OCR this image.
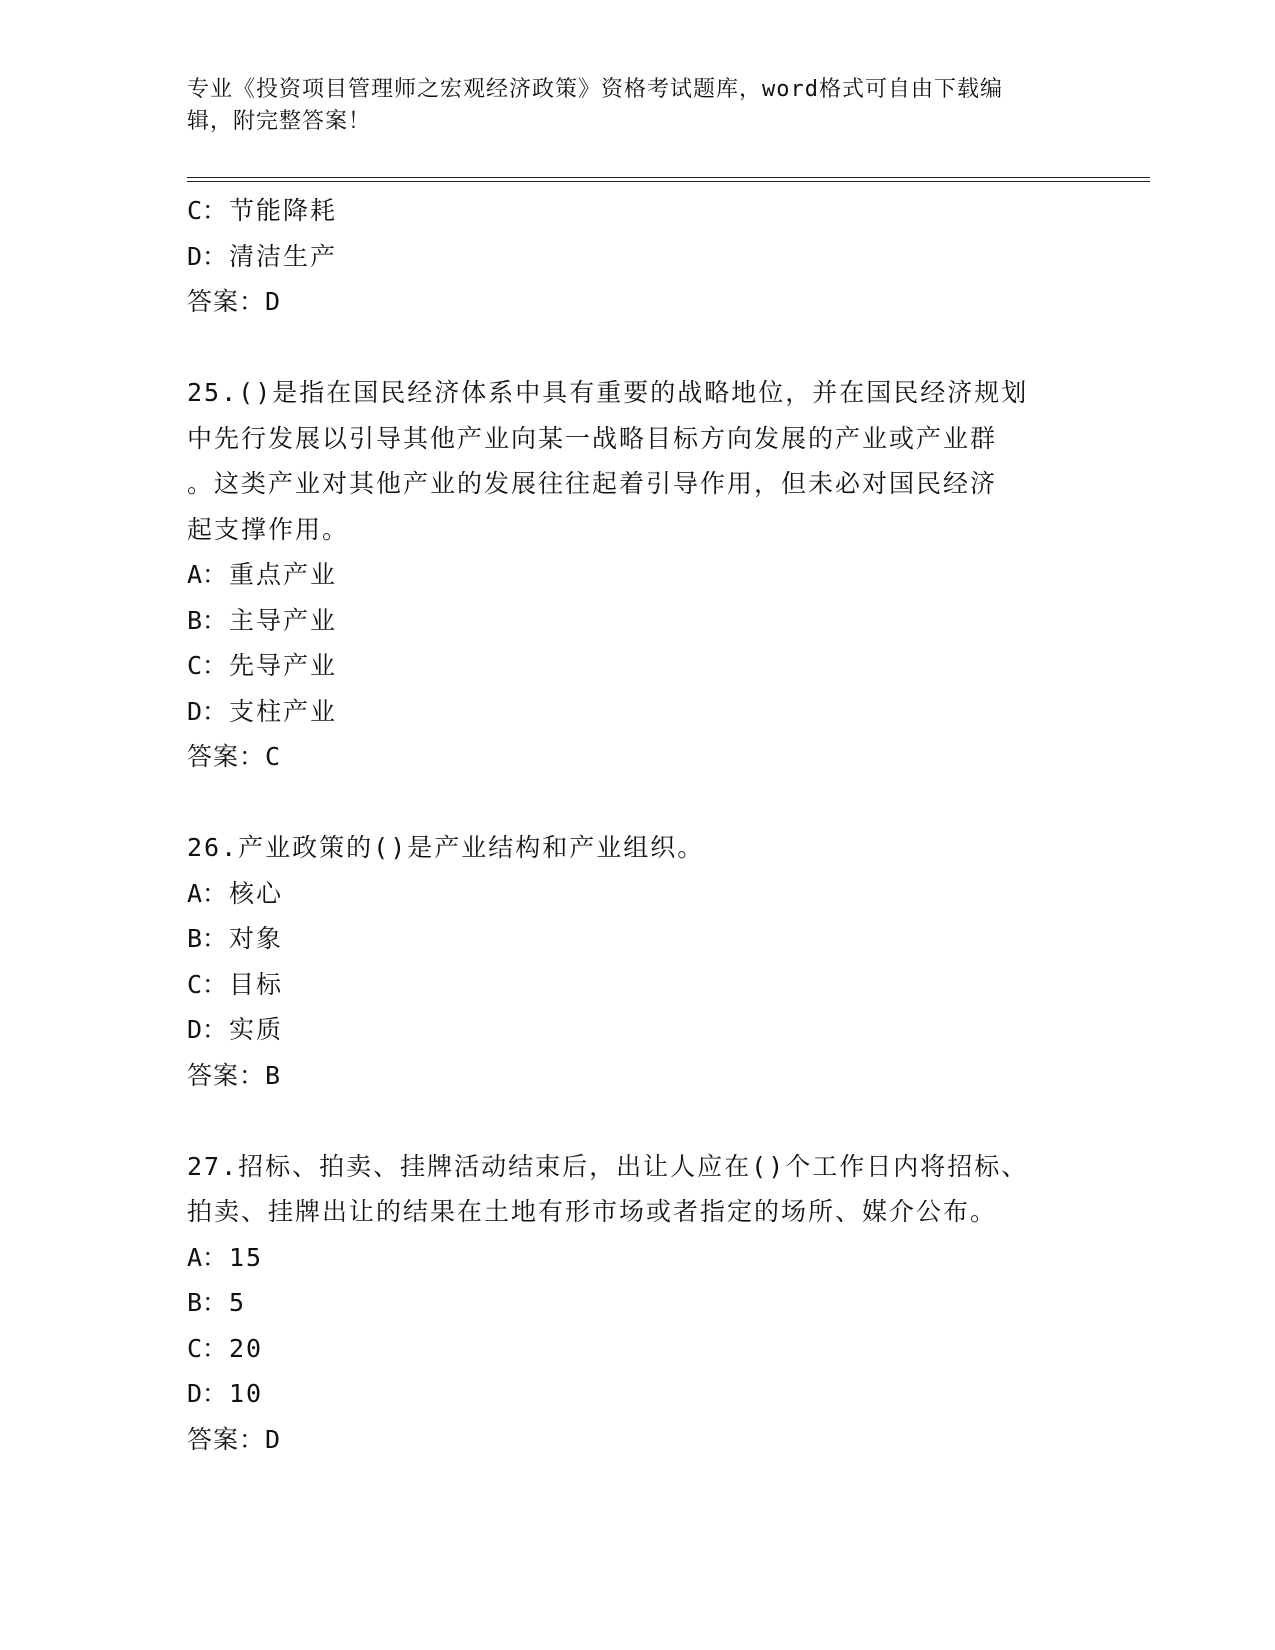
专业《投资项目管理师之宏观经济政策》资格考试题库，word格式可自由下载编
辑，附完整答案！
C：节能降耗
D：清洁生产
答案：D
25.()是指在国民经济体系中具有重要的战略地位，并在国民经济规划
中先行发展以引导其他产业向某一战略目标方向发展的产业或产业群
。这类产业对其他产业的发展往往起着引导作用，但未必对国民经济
起支撑作用。
A：重点产业
B：主导产业
C：先导产业
D：支柱产业
答案：C
26.产业政策的()是产业结构和产业组织。
A：核心
B：对象
C：目标
D：实质
答案：B
27.招标、拍卖、挂牌活动结束后，出让人应在()个工作日内将招标、
拍卖、挂牌出让的结果在土地有形市场或者指定的场所、媒介公布。
A：15
B：5
C：20
D：10
答案：D
